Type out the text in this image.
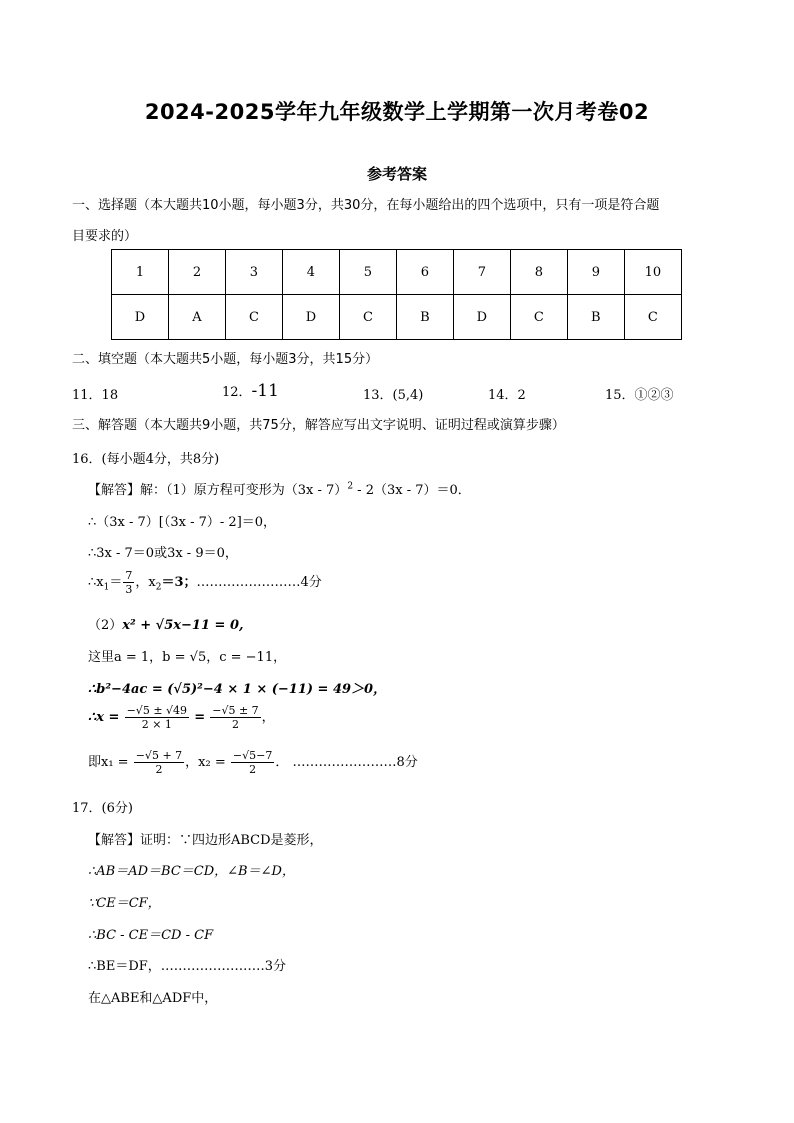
2024-2025学年九年级数学上学期第一次月考卷02
参考答案
一、选择题（本大题共10小题，每小题3分，共30分，在每小题给出的四个选项中，只有一项是符合题
目要求的）
1	2	3	4	5	6	7	8	9	10
D	A	C	D	C	B	D	C	B	C
二、填空题（本大题共5小题，每小题3分，共15分）
11．18	12．-11	13．(5,4)	14．2	15．①②③
三、解答题（本大题共9小题，共75分，解答应写出文字说明、证明过程或演算步骤）
16．(每小题4分，共8分)
【解答】解：（1）原方程可变形为（3x - 7）$^2$ - 2（3x - 7）＝0．
∴（3x - 7）[（3x - 7）- 2]＝0，
∴3x - 7＝0或3x - 9＝0，
$\therefore x_1= \frac{7}{3}$ ，$x_2=3$；……………………4分
（2）x² + √5x−11 = 0,
这里a = 1，b = √5，c = −11，
∴b²−4ac = (√5)²−4 × 1 × (−11) = 49＞0，
∴x = $\frac{-√5 \pm √49}{2 \times 1} = \frac{-√5 \pm 7}{2}$ ，
即$x_1 = \frac{-√5 + 7}{2}$ ，$x_2 = \frac{-√5-7}{2}$ ． ……………………8分
17．(6分)
【解答】证明：∵四边形ABCD是菱形，
∴AB＝AD＝BC＝CD，∠B＝∠D，
∵CE＝CF，
∴BC - CE＝CD - CF
∴BE＝DF，……………………3分
在△ABE和△ADF中，
